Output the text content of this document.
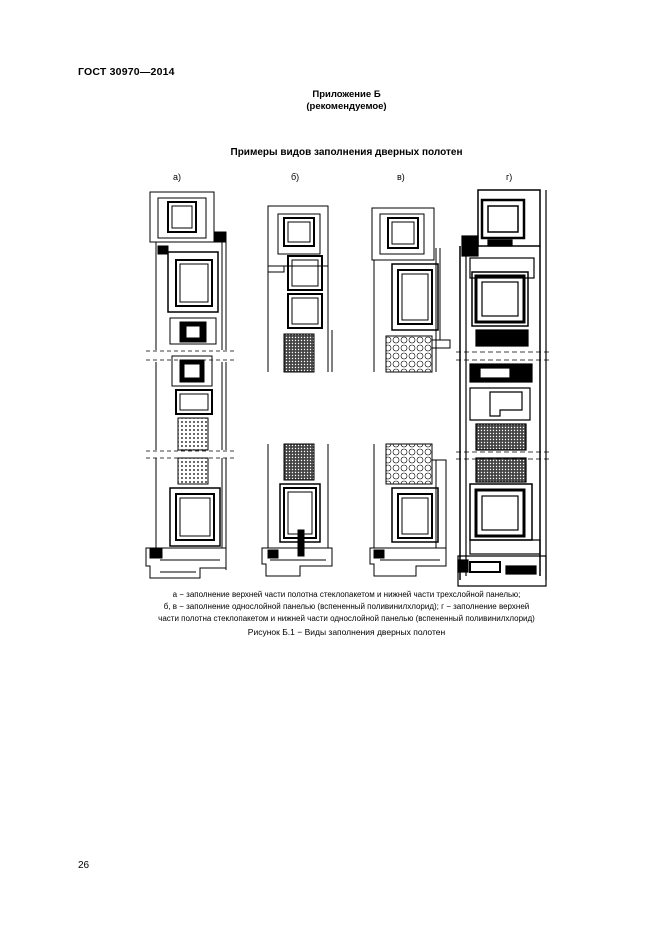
ГОСТ 30970—2014
Приложение Б
(рекомендуемое)
Примеры видов заполнения дверных полотен
а)	б)	в)	г)
а − заполнение верхней части полотна стеклопакетом и нижней части трехслойной панелью;
б, в − заполнение однослойной панелью (вспененный поливинилхлорид); г − заполнение верхней
части полотна стеклопакетом и нижней части однослойной панелью (вспененный поливинилхлорид)
Рисунок Б.1 − Виды заполнения дверных полотен
26
